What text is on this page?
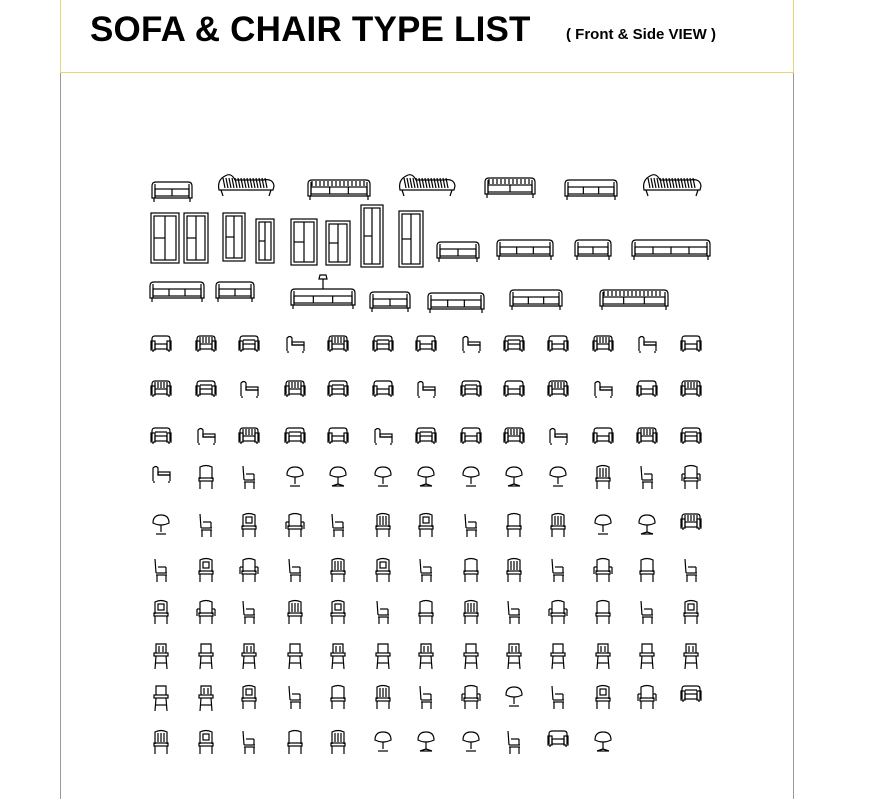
SOFA & CHAIR TYPE LIST ( Front & Side VIEW )
